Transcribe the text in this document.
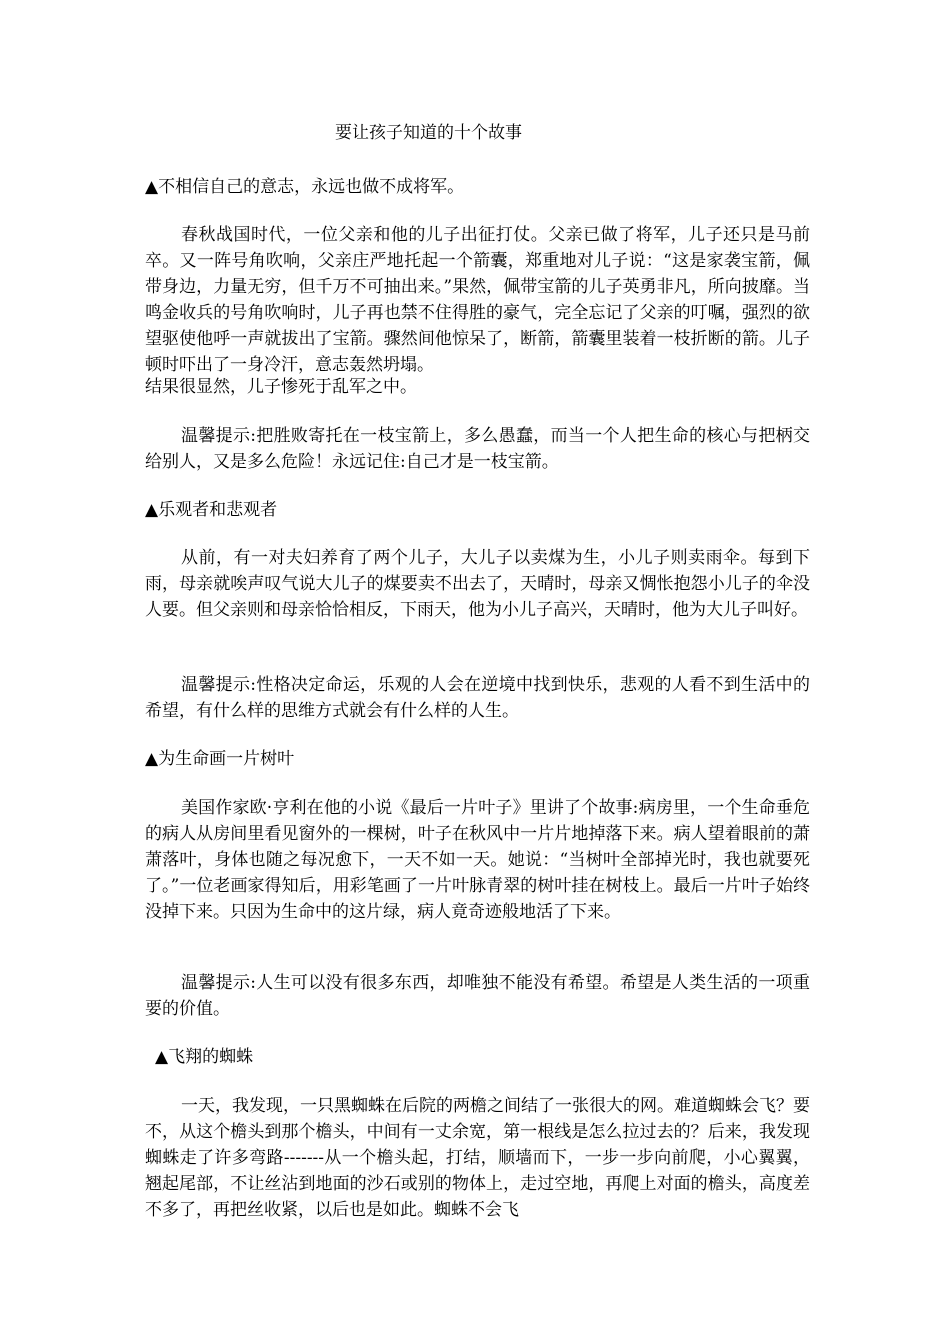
要让孩子知道的十个故事
▲不相信自己的意志，永远也做不成将军。

春秋战国时代，一位父亲和他的儿子出征打仗。父亲已做了将军，儿子还只是马前卒。又一阵号角吹响，父亲庄严地托起一个箭囊，郑重地对儿子说：“这是家袭宝箭，佩带身边，力量无穷，但千万不可抽出来。”果然，佩带宝箭的儿子英勇非凡，所向披靡。当鸣金收兵的号角吹响时，儿子再也禁不住得胜的豪气，完全忘记了父亲的叮嘱，强烈的欲望驱使他呼一声就拔出了宝箭。骤然间他惊呆了，断箭，箭囊里装着一枝折断的箭。儿子顿时吓出了一身冷汗，意志轰然坍塌。

结果很显然，儿子惨死于乱军之中。

温馨提示:把胜败寄托在一枝宝箭上，多么愚蠢，而当一个人把生命的核心与把柄交给别人，又是多么危险！永远记住:自己才是一枝宝箭。

▲乐观者和悲观者

从前，有一对夫妇养育了两个儿子，大儿子以卖煤为生，小儿子则卖雨伞。每到下雨，母亲就唉声叹气说大儿子的煤要卖不出去了，天晴时，母亲又惆怅抱怨小儿子的伞没人要。但父亲则和母亲恰恰相反，下雨天，他为小儿子高兴，天晴时，他为大儿子叫好。

温馨提示:性格决定命运，乐观的人会在逆境中找到快乐，悲观的人看不到生活中的希望，有什么样的思维方式就会有什么样的人生。

▲为生命画一片树叶

美国作家欧·亨利在他的小说《最后一片叶子》里讲了个故事:病房里，一个生命垂危的病人从房间里看见窗外的一棵树，叶子在秋风中一片片地掉落下来。病人望着眼前的萧萧落叶，身体也随之每况愈下，一天不如一天。她说：“当树叶全部掉光时，我也就要死了。”一位老画家得知后，用彩笔画了一片叶脉青翠的树叶挂在树枝上。最后一片叶子始终没掉下来。只因为生命中的这片绿，病人竟奇迹般地活了下来。

温馨提示:人生可以没有很多东西，却唯独不能没有希望。希望是人类生活的一项重要的价值。

▲飞翔的蜘蛛

一天，我发现，一只黑蜘蛛在后院的两檐之间结了一张很大的网。难道蜘蛛会飞？要不，从这个檐头到那个檐头，中间有一丈余宽，第一根线是怎么拉过去的？后来，我发现蜘蛛走了许多弯路-------从一个檐头起，打结，顺墙而下，一步一步向前爬，小心翼翼，翘起尾部，不让丝沾到地面的沙石或别的物体上，走过空地，再爬上对面的檐头，高度差不多了，再把丝收紧，以后也是如此。蜘蛛不会飞
